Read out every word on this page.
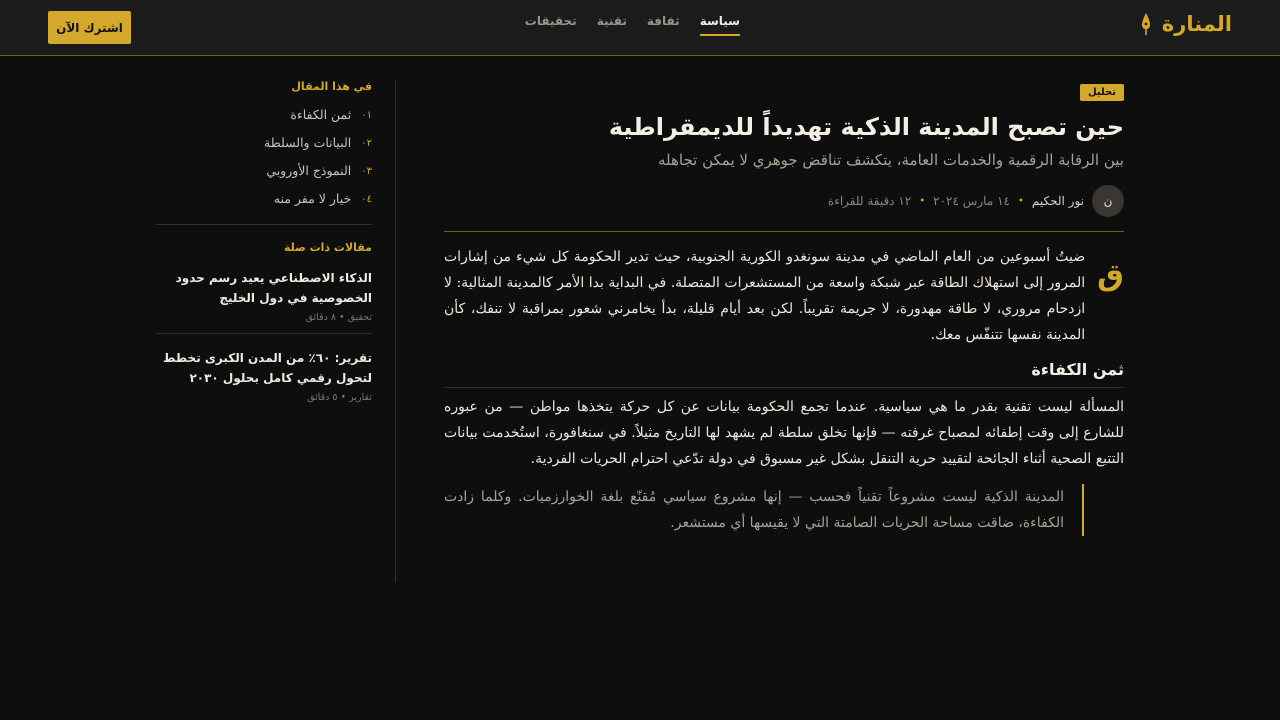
المنارة
سياسة
ثقافة
تقنية
تحقيقات
اشترك الآن
تحليل
حين تصبح المدينة الذكية تهديداً للديمقراطية
بين الرقابة الرقمية والخدمات العامة، يتكشف تناقض جوهري لا يمكن تجاهله
ن
نور الحكيم
•
١٤ مارس ٢٠٢٤
•
١٢ دقيقة للقراءة
ق

ضيتُ أسبوعين من العام الماضي في مدينة سونغدو الكورية الجنوبية، حيث تدير الحكومة كل شيء من إشارات المرور إلى استهلاك الطاقة عبر شبكة واسعة من المستشعرات المتصلة. في البداية بدا الأمر كالمدينة المثالية: لا ازدحام مروري، لا طاقة مهدورة، لا جريمة تقريباً. لكن بعد أيام قليلة، بدأ يخامرني شعور بمراقبة لا تنفك، كأن المدينة نفسها تتنفّس معك.

ثمن الكفاءة

المسألة ليست تقنية بقدر ما هي سياسية. عندما تجمع الحكومة بيانات عن كل حركة يتخذها مواطن — من عبوره للشارع إلى وقت إطفائه لمصباح غرفته — فإنها تخلق سلطة لم يشهد لها التاريخ مثيلاً. في سنغافورة، استُخدمت بيانات التتبع الصحية أثناء الجائحة لتقييد حرية التنقل بشكل غير مسبوق في دولة تدّعي احترام الحريات الفردية.

المدينة الذكية ليست مشروعاً تقنياً فحسب — إنها مشروع سياسي مُقنّع بلغة الخوارزميات. وكلما زادت الكفاءة، ضاقت مساحة الحريات الصامتة التي لا يقيسها أي مستشعر.
في هذا المقال
٠١
ثمن الكفاءة
٠٢
البيانات والسلطة
٠٣
النموذج الأوروبي
٠٤
خيار لا مفر منه
مقالات ذات صلة
الذكاء الاصطناعي يعيد رسم حدود الخصوصية في دول الخليج
تحقيق • ٨ دقائق
تقرير: ٦٠٪ من المدن الكبرى تخطط لتحول رقمي كامل بحلول ٢٠٣٠
تقارير • ٥ دقائق
